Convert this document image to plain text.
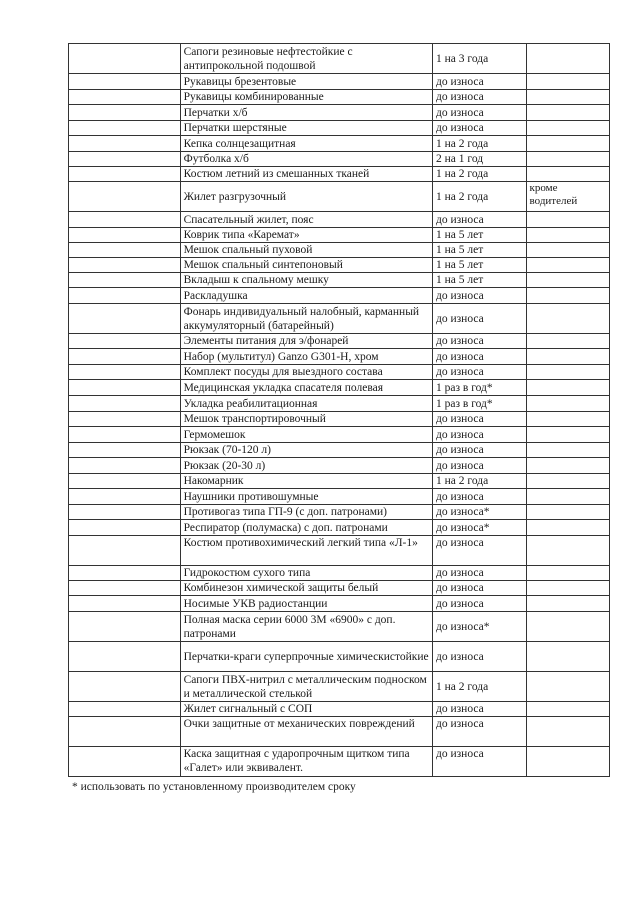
	Сапоги резиновые нефтестойкие с антипрокольной подошвой	1 на 3 года	
	Рукавицы брезентовые	до износа	
	Рукавицы комбинированные	до износа	
	Перчатки х/б	до износа	
	Перчатки шерстяные	до износа	
	Кепка солнцезащитная	1 на 2 года	
	Футболка х/б	2 на 1 год	
	Костюм летний из смешанных тканей	1 на 2 года	
	Жилет разгрузочный	1 на 2 года	кроме водителей
	Спасательный жилет, пояс	до износа	
	Коврик типа «Каремат»	1 на 5 лет	
	Мешок спальный пуховой	1 на 5 лет	
	Мешок спальный синтепоновый	1 на 5 лет	
	Вкладыш к спальному мешку	1 на 5 лет	
	Раскладушка	до износа	
	Фонарь индивидуальный налобный, карманный аккумуляторный (батарейный)	до износа	
	Элементы питания для э/фонарей	до износа	
	Набор (мультитул) Ganzo G301-H, хром	до износа	
	Комплект посуды для выездного состава	до износа	
	Медицинская укладка спасателя полевая	1 раз в год*	
	Укладка реабилитационная	1 раз в год*	
	Мешок транспортировочный	до износа	
	Гермомешок	до износа	
	Рюкзак (70-120 л)	до износа	
	Рюкзак (20-30 л)	до износа	
	Накомарник	1 на 2 года	
	Наушники противошумные	до износа	
	Противогаз типа ГП-9 (с доп. патронами)	до износа*	
	Респиратор (полумаска) с доп. патронами	до износа*	
	Костюм противохимический легкий типа «Л-1»	до износа	
	Гидрокостюм сухого типа	до износа	
	Комбинезон химической защиты белый	до износа	
	Носимые УКВ радиостанции	до износа	
	Полная маска серии 6000 3М «6900» с доп. патронами	до износа*	
	Перчатки-краги суперпрочные химическистойкие	до износа	
	Сапоги ПВХ-нитрил с металлическим подноском и металлической стелькой	1 на 2 года	
	Жилет сигнальный с СОП	до износа	
	Очки защитные от механических повреждений	до износа	
	Каска защитная с ударопрочным щитком типа «Галет» или эквивалент.	до износа	
* использовать по установленному производителем сроку
